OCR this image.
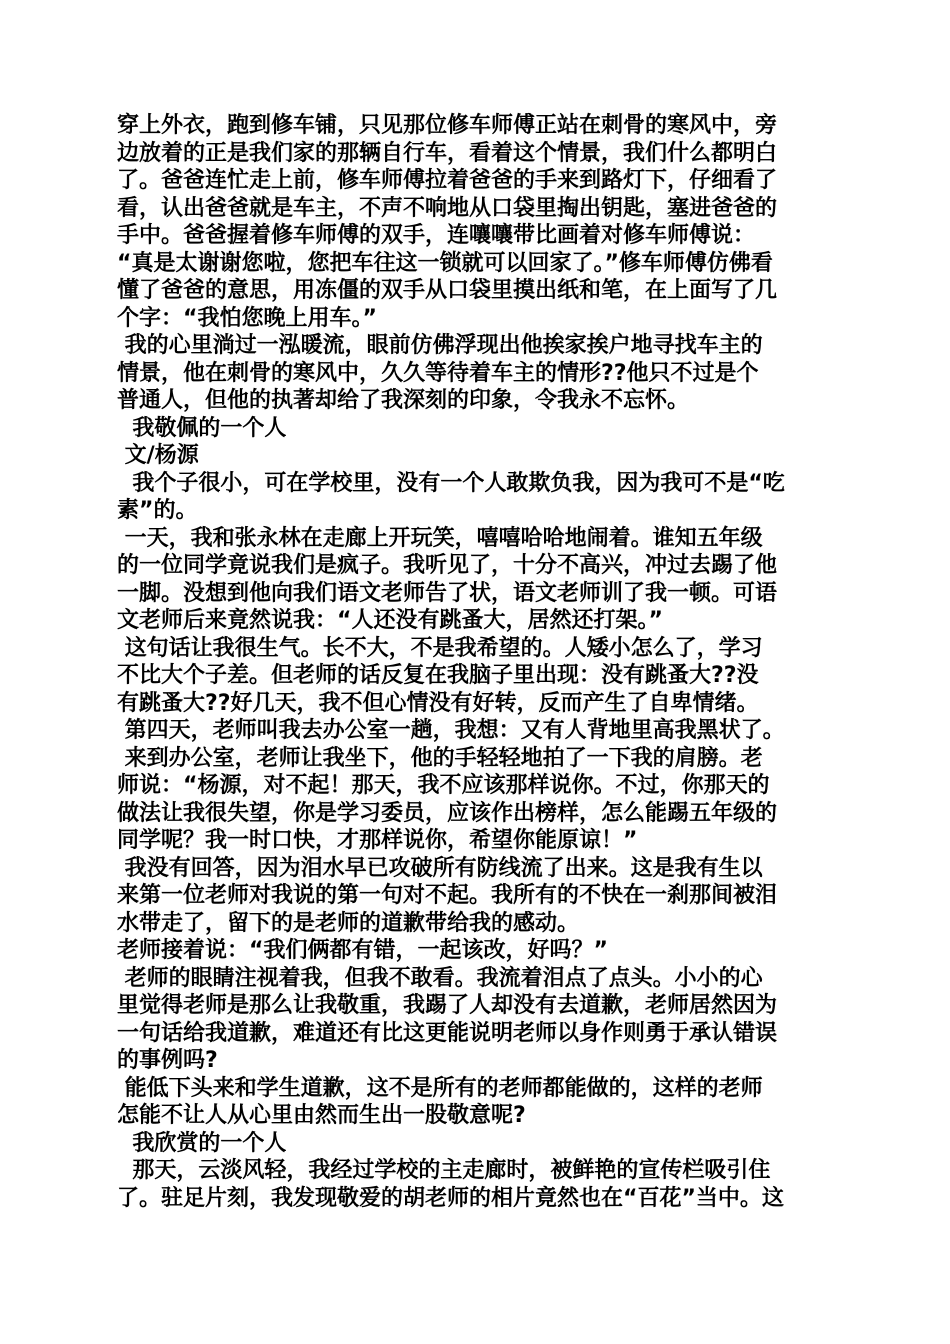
穿上外衣，跑到修车铺，只见那位修车师傅正站在刺骨的寒风中，旁
边放着的正是我们家的那辆自行车，看着这个情景，我们什么都明白
了。爸爸连忙走上前，修车师傅拉着爸爸的手来到路灯下，仔细看了
看，认出爸爸就是车主，不声不响地从口袋里掏出钥匙，塞进爸爸的
手中。爸爸握着修车师傅的双手，连嚷嚷带比画着对修车师傅说：
“真是太谢谢您啦，您把车往这一锁就可以回家了。”修车师傅仿佛看
懂了爸爸的意思，用冻僵的双手从口袋里摸出纸和笔，在上面写了几
个字：“我怕您晚上用车。”
我的心里淌过一泓暖流，眼前仿佛浮现出他挨家挨户地寻找车主的
情景，他在刺骨的寒风中，久久等待着车主的情形??他只不过是个
普通人，但他的执著却给了我深刻的印象，令我永不忘怀。
我敬佩的一个人
文/杨源
我个子很小，可在学校里，没有一个人敢欺负我，因为我可不是“吃
素”的。
一天，我和张永林在走廊上开玩笑，嘻嘻哈哈地闹着。谁知五年级
的一位同学竟说我们是疯子。我听见了，十分不高兴，冲过去踢了他
一脚。没想到他向我们语文老师告了状，语文老师训了我一顿。可语
文老师后来竟然说我：“人还没有跳蚤大，居然还打架。”
这句话让我很生气。长不大，不是我希望的。人矮小怎么了，学习
不比大个子差。但老师的话反复在我脑子里出现：没有跳蚤大??没
有跳蚤大??好几天，我不但心情没有好转，反而产生了自卑情绪。
第四天，老师叫我去办公室一趟，我想：又有人背地里高我黑状了。
来到办公室，老师让我坐下，他的手轻轻地拍了一下我的肩膀。老
师说：“杨源，对不起！那天，我不应该那样说你。不过，你那天的
做法让我很失望，你是学习委员，应该作出榜样，怎么能踢五年级的
同学呢？我一时口快，才那样说你，希望你能原谅！”
我没有回答，因为泪水早已攻破所有防线流了出来。这是我有生以
来第一位老师对我说的第一句对不起。我所有的不快在一刹那间被泪
水带走了，留下的是老师的道歉带给我的感动。
老师接着说：“我们俩都有错，一起该改，好吗？”
老师的眼睛注视着我，但我不敢看。我流着泪点了点头。小小的心
里觉得老师是那么让我敬重，我踢了人却没有去道歉，老师居然因为
一句话给我道歉，难道还有比这更能说明老师以身作则勇于承认错误
的事例吗?
能低下头来和学生道歉，这不是所有的老师都能做的，这样的老师
怎能不让人从心里由然而生出一股敬意呢?
我欣赏的一个人
那天，云淡风轻，我经过学校的主走廊时，被鲜艳的宣传栏吸引住
了。驻足片刻，我发现敬爱的胡老师的相片竟然也在“百花”当中。这
